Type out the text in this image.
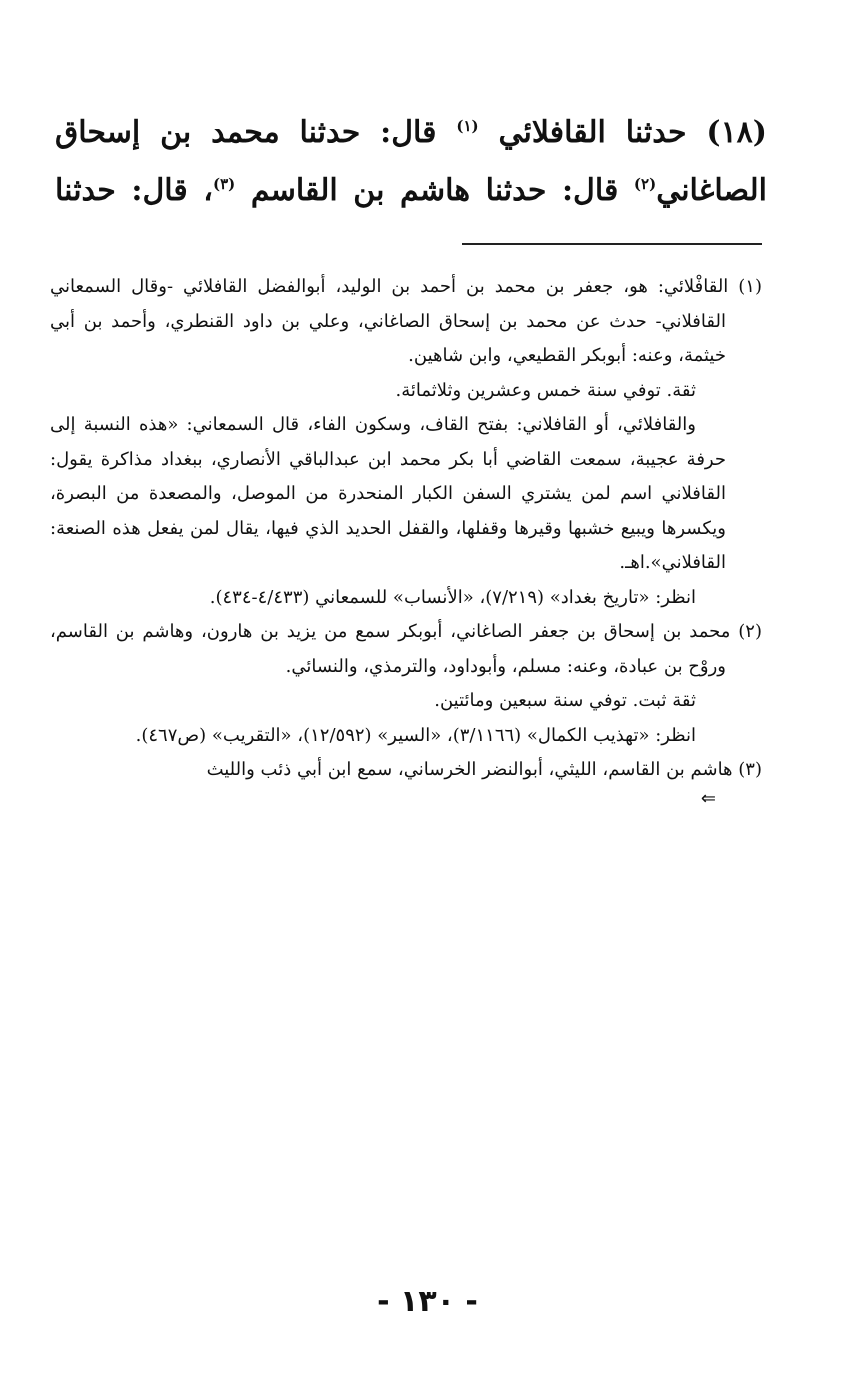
(١٨) حدثنا القافلائي $^{(١)}$ قال: حدثنا محمد بن إسحاق
الصاغاني$^{(٢)}$ قال: حدثنا هاشم بن القاسم $^{(٣)}$، قال: حدثنا

(١) القافْلائي: هو، جعفر بن محمد بن أحمد بن الوليد، أبوالفضل القافلائي -وقال السمعاني القافلاني- حدث عن محمد بن إسحاق الصاغاني، وعلي بن داود القنطري، وأحمد بن أبي خيثمة، وعنه: أبوبكر القطيعي، وابن شاهين.

ثقة. توفي سنة خمس وعشرين وثلاثمائة.

والقافلائي، أو القافلاني: بفتح القاف، وسكون الفاء، قال السمعاني: «هذه النسبة إلى حرفة عجيبة، سمعت القاضي أبا بكر محمد ابن عبدالباقي الأنصاري، ببغداد مذاكرة يقول: القافلاني اسم لمن يشتري السفن الكبار المنحدرة من الموصل، والمصعدة من البصرة، ويكسرها ويبيع خشبها وقيرها وقفلها، والقفل الحديد الذي فيها، يقال لمن يفعل هذه الصنعة: القافلاني».اهـ.

انظر: «تاريخ بغداد» (٧/٢١٩)، «الأنساب» للسمعاني (٤/٤٣٣-٤٣٤).

(٢) محمد بن إسحاق بن جعفر الصاغاني، أبوبكر سمع من يزيد بن هارون، وهاشم بن القاسم، وروْح بن عبادة، وعنه: مسلم، وأبوداود، والترمذي، والنسائي.

ثقة ثبت. توفي سنة سبعين ومائتين.

انظر: «تهذيب الكمال» (٣/١١٦٦)، «السير» (١٢/٥٩٢)، «التقريب» (ص٤٦٧).

(٣) هاشم بن القاسم، الليثي، أبوالنضر الخرساني، سمع ابن أبي ذئب والليث

⇐

- ١٣٠ -
